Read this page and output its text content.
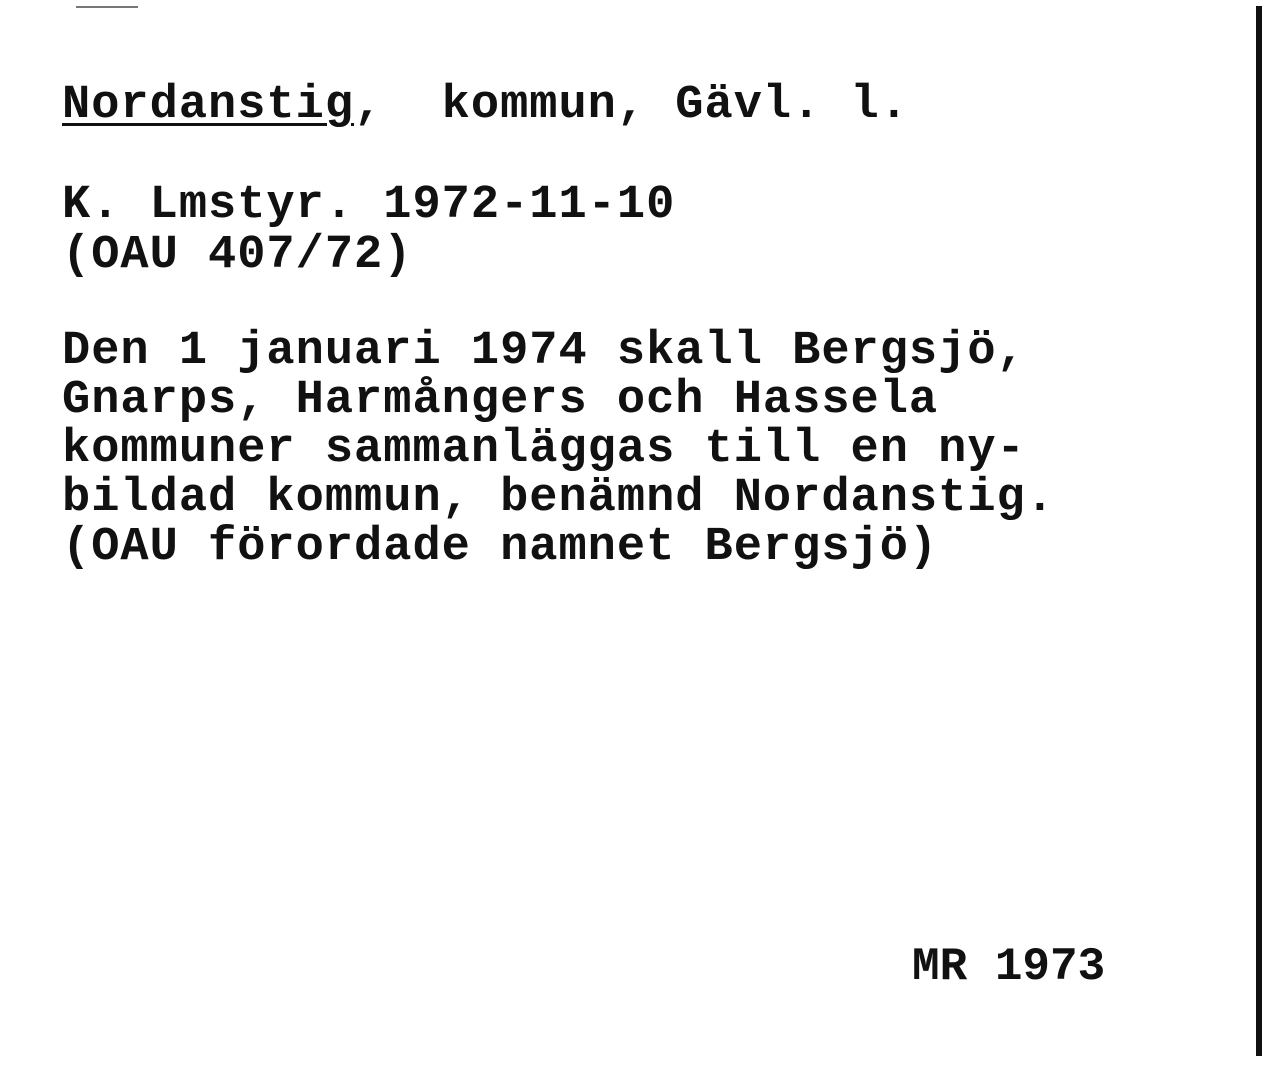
Nordanstig,  kommun, Gävl. l.
K. Lmstyr. 1972-11-10
(OAU 407/72)
Den 1 januari 1974 skall Bergsjö,
Gnarps, Harmångers och Hassela
kommuner sammanläggas till en ny-
bildad kommun, benämnd Nordanstig.
(OAU förordade namnet Bergsjö)
MR 1973
